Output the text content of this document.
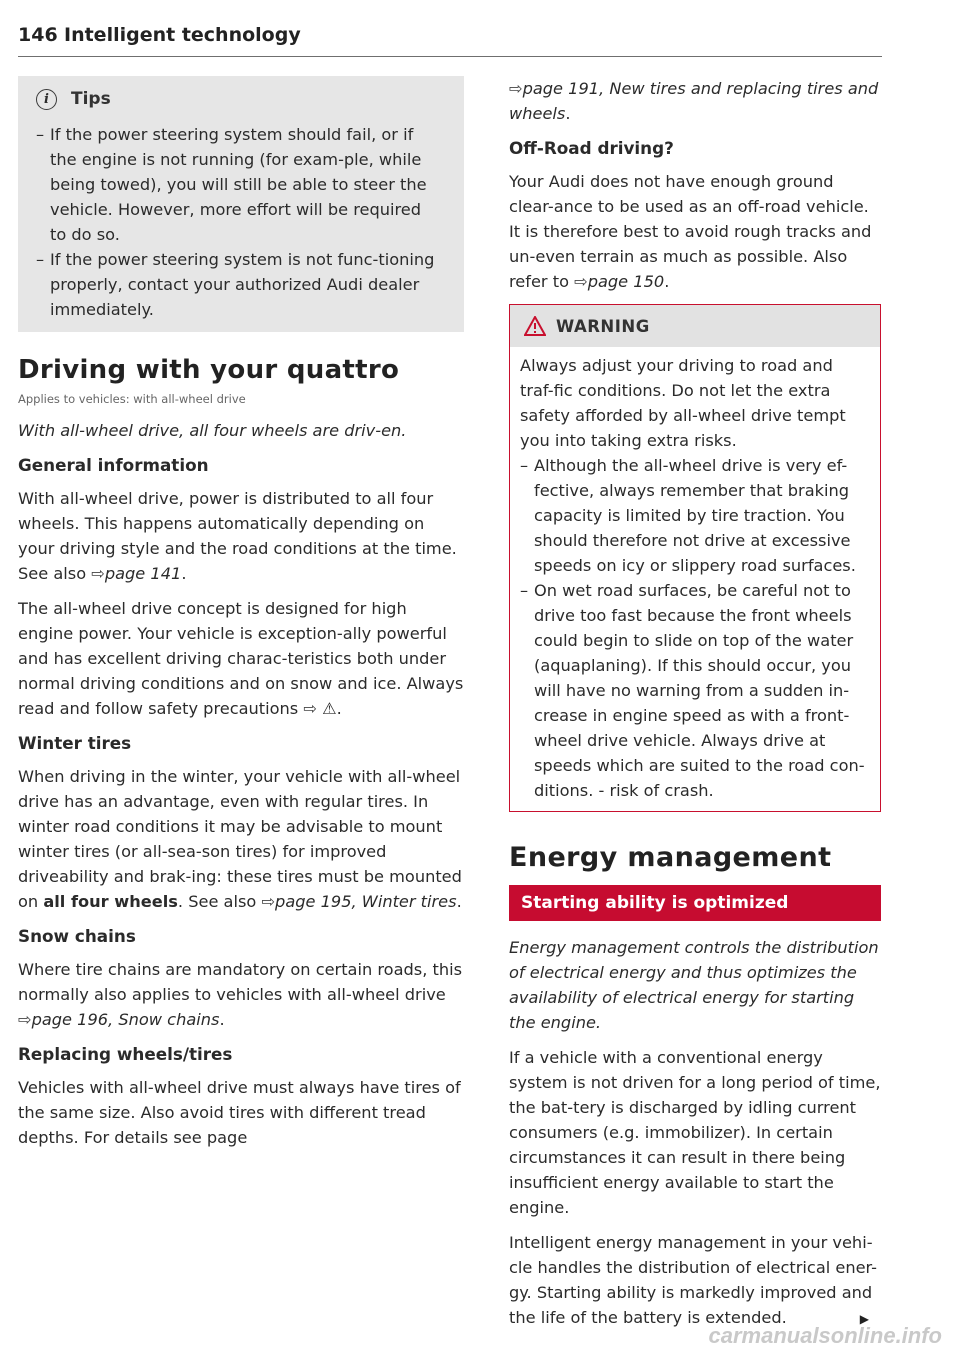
146 Intelligent technology
i	Tips
– If the power steering system should fail, or if the engine is not running (for exam-ple, while being towed), you will still be able to steer the vehicle. However, more effort will be required to do so.
– If the power steering system is not func-tioning properly, contact your authorized Audi dealer immediately.
Driving with your quattro
Applies to vehicles: with all-wheel drive

With all-wheel drive, all four wheels are driv-en.

General information

With all-wheel drive, power is distributed to all four wheels. This happens automatically depending on your driving style and the road conditions at the time. See also ⇨page 141.

The all-wheel drive concept is designed for high engine power. Your vehicle is exception-ally powerful and has excellent driving charac-teristics both under normal driving conditions and on snow and ice. Always read and follow safety precautions ⇨ ⚠.

Winter tires

When driving in the winter, your vehicle with all-wheel drive has an advantage, even with regular tires. In winter road conditions it may be advisable to mount winter tires (or all-sea-son tires) for improved driveability and brak-ing: these tires must be mounted on all four wheels. See also ⇨page 195, Winter tires.

Snow chains

Where tire chains are mandatory on certain roads, this normally also applies to vehicles with all-wheel drive ⇨page 196, Snow chains.

Replacing wheels/tires

Vehicles with all-wheel drive must always have tires of the same size. Also avoid tires with different tread depths. For details see page

⇨page 191, New tires and replacing tires and wheels.

Off-Road driving?

Your Audi does not have enough ground clear-ance to be used as an off-road vehicle. It is therefore best to avoid rough tracks and un-even terrain as much as possible. Also refer to ⇨page 150.

WARNING

Always adjust your driving to road and traf-fic conditions. Do not let the extra safety afforded by all-wheel drive tempt you into taking extra risks.

– Although the all-wheel drive is very ef-fective, always remember that braking capacity is limited by tire traction. You should therefore not drive at excessive speeds on icy or slippery road surfaces.
– On wet road surfaces, be careful not to drive too fast because the front wheels could begin to slide on top of the water (aquaplaning). If this should occur, you will have no warning from a sudden in-crease in engine speed as with a front-wheel drive vehicle. Always drive at speeds which are suited to the road con-ditions. - risk of crash.
Energy management
Starting ability is optimized

Energy management controls the distribution of electrical energy and thus optimizes the availability of electrical energy for starting the engine.

If a vehicle with a conventional energy system is not driven for a long period of time, the bat-tery is discharged by idling current consumers (e.g. immobilizer). In certain circumstances it can result in there being insufficient energy available to start the engine.

Intelligent energy management in your vehi-cle handles the distribution of electrical ener-gy. Starting ability is markedly improved and the life of the battery is extended.	▶

carmanualsonline.info
